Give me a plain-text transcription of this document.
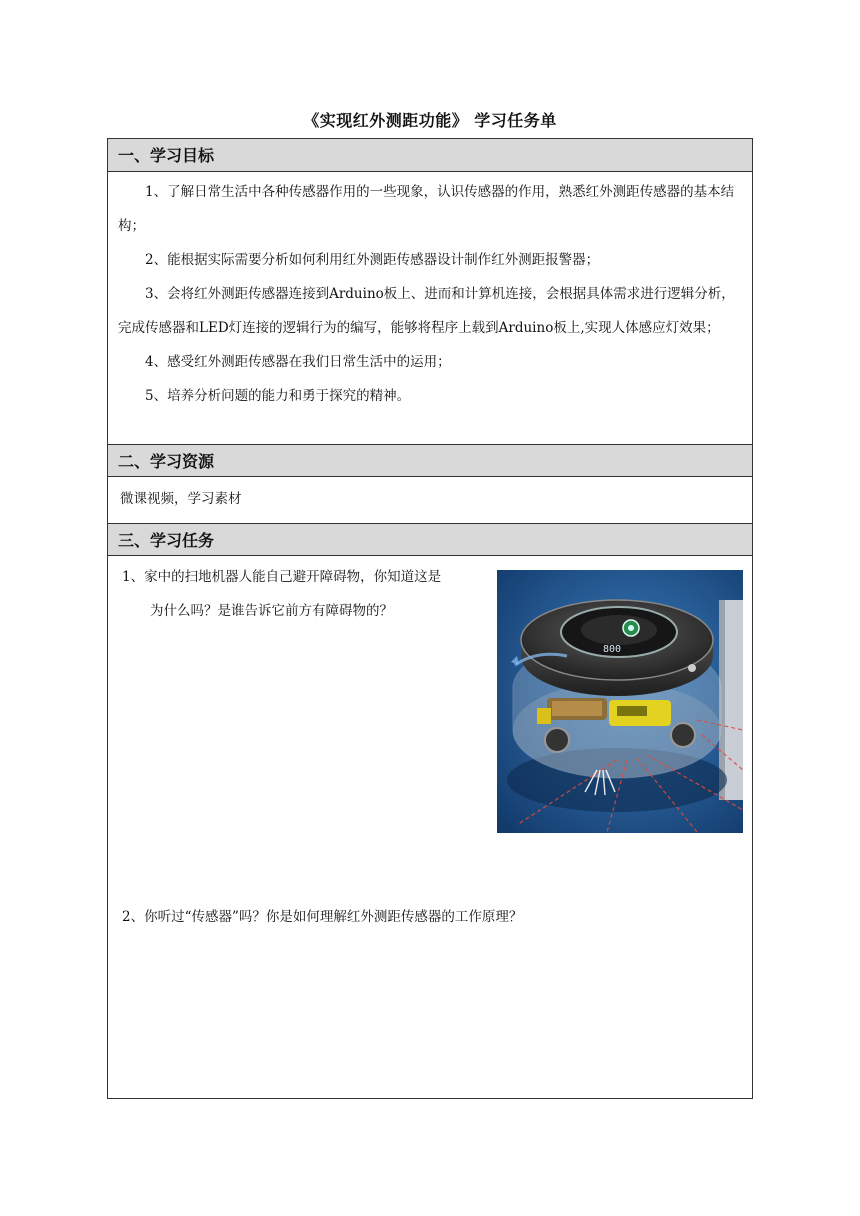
《实现红外测距功能》 学习任务单
一、学习目标

1、了解日常生活中各种传感器作用的一些现象，认识传感器的作用，熟悉红外测距传感器的基本结构；

2、能根据实际需要分析如何利用红外测距传感器设计制作红外测距报警器；

3、会将红外测距传感器连接到Arduino板上、进而和计算机连接，会根据具体需求进行逻辑分析，完成传感器和LED灯连接的逻辑行为的编写，能够将程序上载到Arduino板上,实现人体感应灯效果；

4、感受红外测距传感器在我们日常生活中的运用；

5、培养分析问题的能力和勇于探究的精神。

二、学习资源
微课视频，学习素材
三、学习任务
1、家中的扫地机器人能自己避开障碍物，你知道这是
为什么吗？是谁告诉它前方有障碍物的？
800
2、你听过“传感器”吗？你是如何理解红外测距传感器的工作原理？
